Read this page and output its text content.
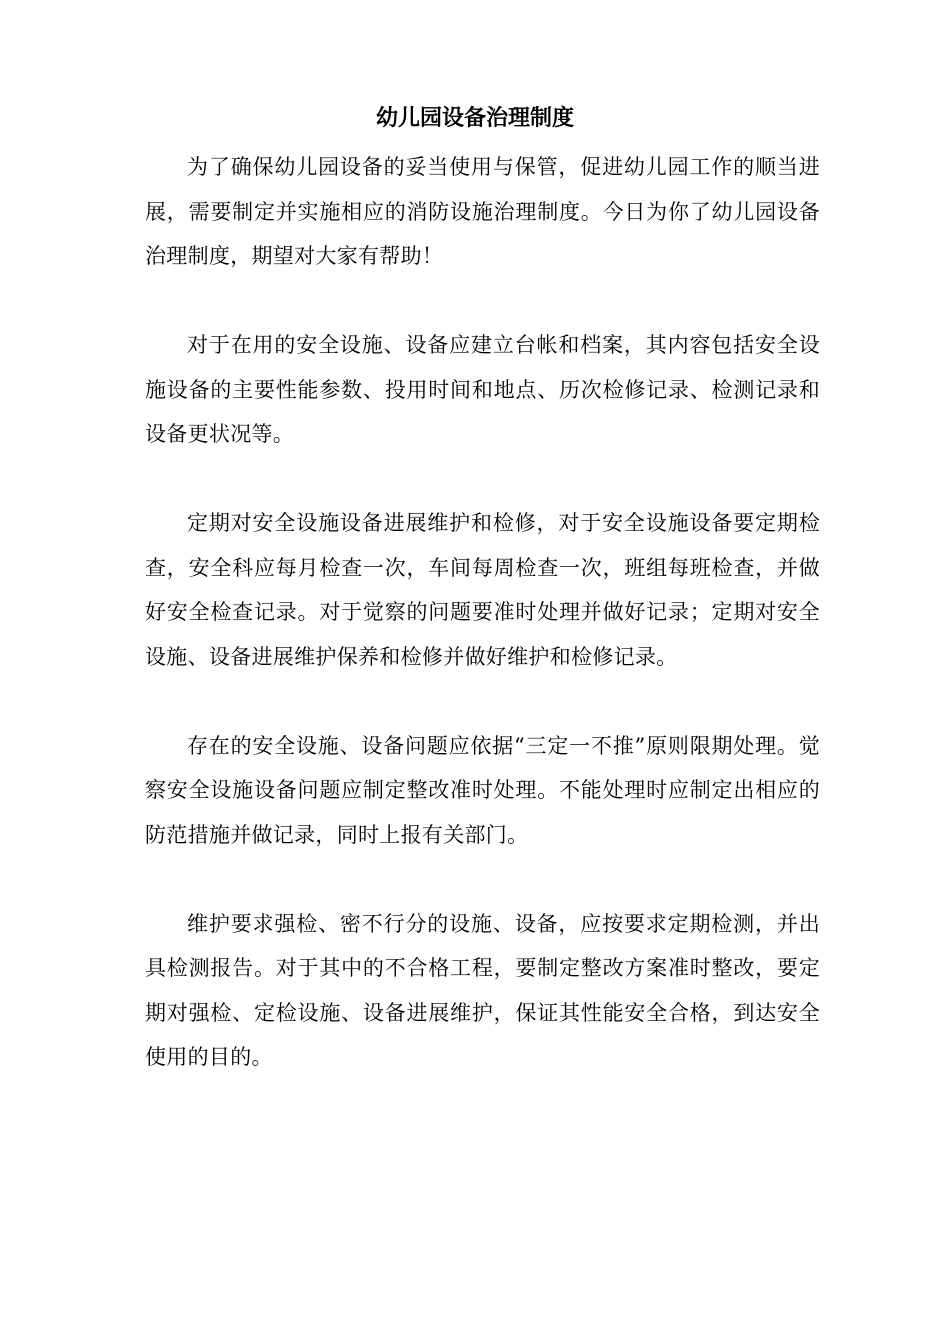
幼儿园设备治理制度

为了确保幼儿园设备的妥当使用与保管，促进幼儿园工作的顺当进展，需要制定并实施相应的消防设施治理制度。今日为你了幼儿园设备治理制度，期望对大家有帮助！

对于在用的安全设施、设备应建立台帐和档案，其内容包括安全设施设备的主要性能参数、投用时间和地点、历次检修记录、检测记录和设备更状况等。

定期对安全设施设备进展维护和检修，对于安全设施设备要定期检查，安全科应每月检查一次，车间每周检查一次，班组每班检查，并做好安全检查记录。对于觉察的问题要准时处理并做好记录；定期对安全设施、设备进展维护保养和检修并做好维护和检修记录。

存在的安全设施、设备问题应依据“三定一不推”原则限期处理。觉察安全设施设备问题应制定整改准时处理。不能处理时应制定出相应的防范措施并做记录，同时上报有关部门。

维护要求强检、密不行分的设施、设备，应按要求定期检测，并出具检测报告。对于其中的不合格工程，要制定整改方案准时整改，要定期对强检、定检设施、设备进展维护，保证其性能安全合格，到达安全使用的目的。
